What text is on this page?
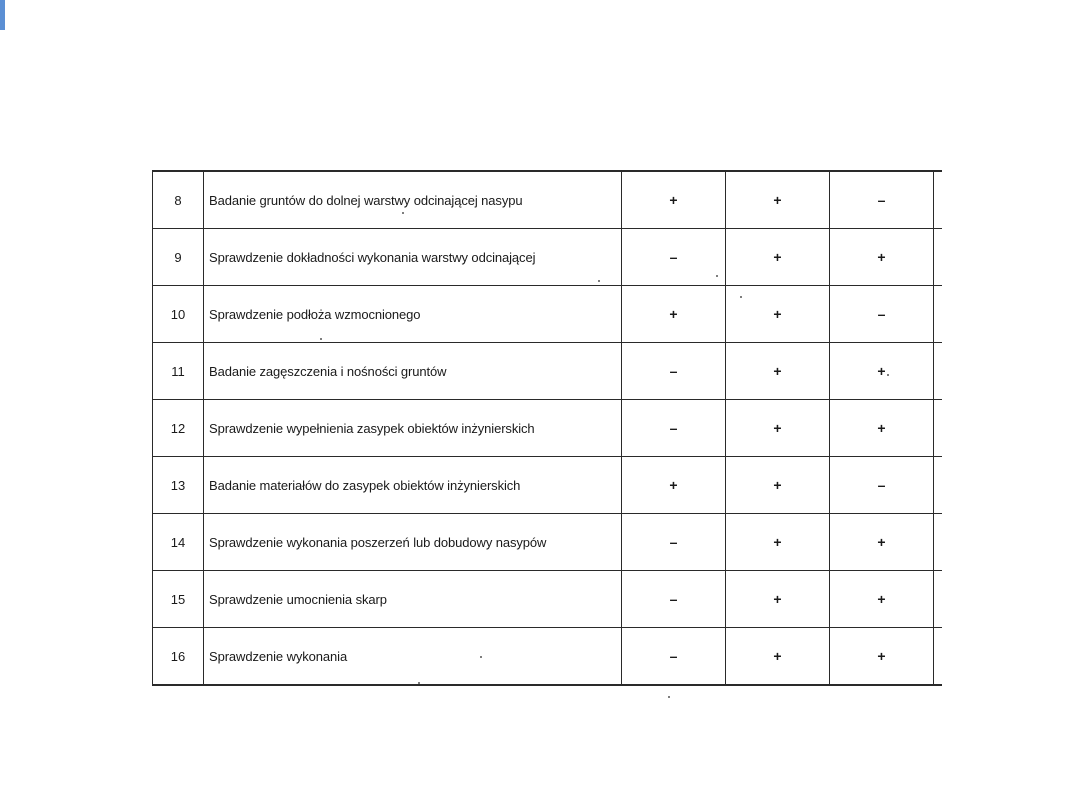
8	Badanie gruntów do dolnej warstwy odcinającej nasypu	+	+	–	
9	Sprawdzenie dokładności wykonania warstwy odcinającej	–	+	+	
10	Sprawdzenie podłoża wzmocnionego	+	+	–	
11	Badanie zagęszczenia i nośności gruntów	–	+	+	
12	Sprawdzenie wypełnienia zasypek obiektów inżynierskich	–	+	+	
13	Badanie materiałów do zasypek obiektów inżynierskich	+	+	–	
14	Sprawdzenie wykonania poszerzeń lub dobudowy nasypów	–	+	+	
15	Sprawdzenie umocnienia skarp	–	+	+	
16	Sprawdzenie wykonania	–	+	+	
